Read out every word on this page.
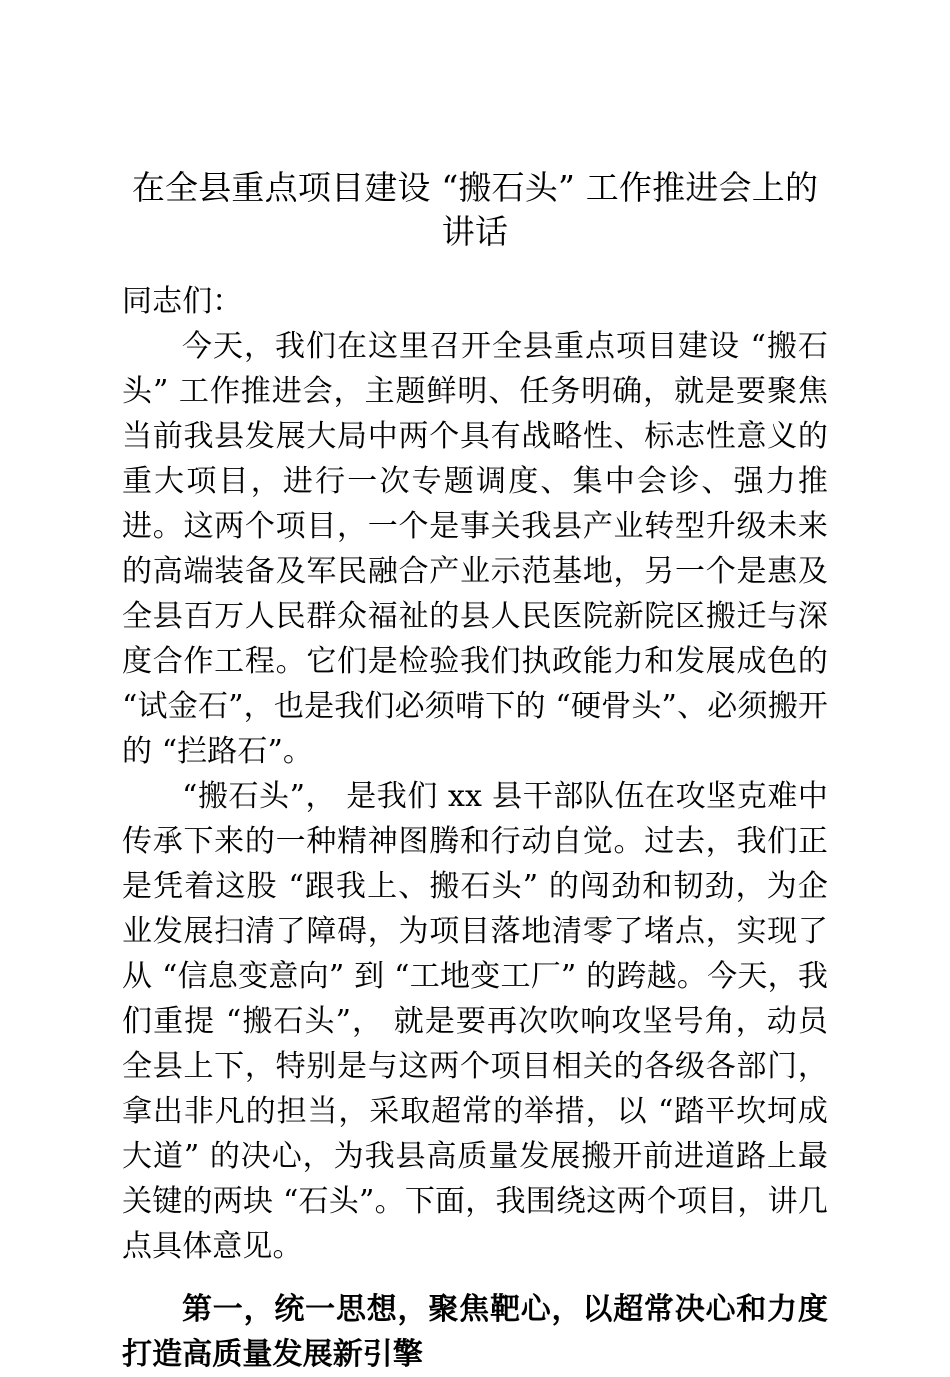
在全县重点项目建设 “搬石头” 工作推进会上的讲话

同志们：

今天，我们在这里召开全县重点项目建设 “搬石头” 工作推进会，主题鲜明、任务明确，就是要聚焦当前我县发展大局中两个具有战略性、标志性意义的重大项目，进行一次专题调度、集中会诊、强力推进。这两个项目，一个是事关我县产业转型升级未来的高端装备及军民融合产业示范基地，另一个是惠及全县百万人民群众福祉的县人民医院新院区搬迁与深度合作工程。它们是检验我们执政能力和发展成色的 “试金石”，也是我们必须啃下的 “硬骨头”、必须搬开的 “拦路石”。

“搬石头”， 是我们 xx 县干部队伍在攻坚克难中传承下来的一种精神图腾和行动自觉。过去，我们正是凭着这股 “跟我上、搬石头” 的闯劲和韧劲，为企业发展扫清了障碍，为项目落地清零了堵点，实现了从 “信息变意向” 到 “工地变工厂” 的跨越。今天，我们重提 “搬石头”， 就是要再次吹响攻坚号角，动员全县上下，特别是与这两个项目相关的各级各部门，拿出非凡的担当，采取超常的举措，以 “踏平坎坷成大道” 的决心，为我县高质量发展搬开前进道路上最关键的两块 “石头”。下面，我围绕这两个项目，讲几点具体意见。

第一，统一思想，聚焦靶心，以超常决心和力度打造高质量发展新引擎
